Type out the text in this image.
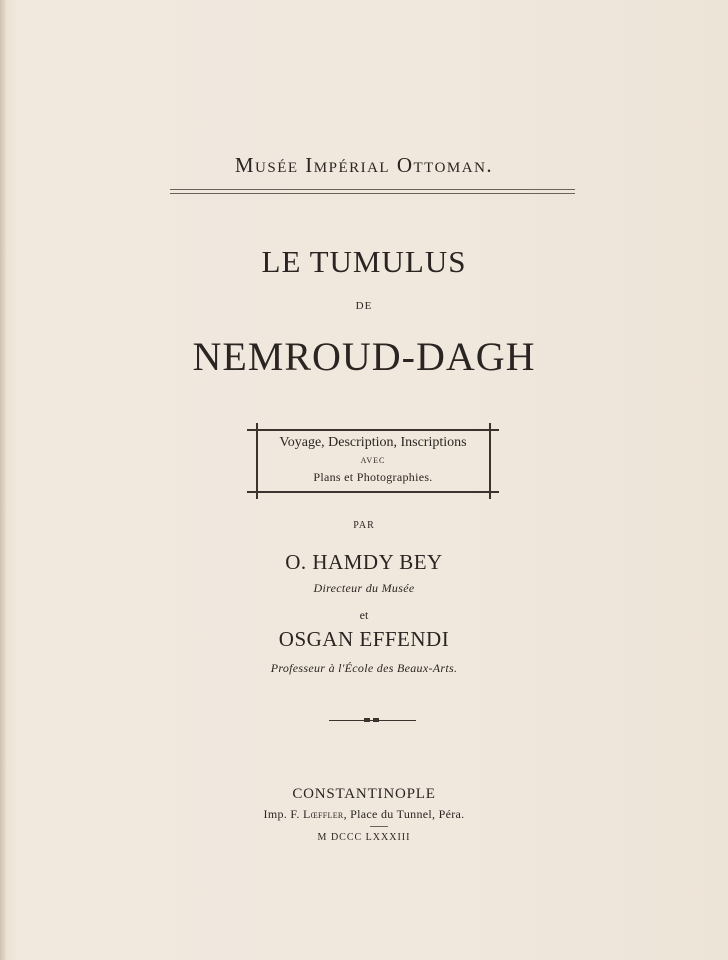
Musée Impérial Ottoman.
LE TUMULUS
DE
NEMROUD-DAGH
Voyage, Description, Inscriptions
AVEC
Plans et Photographies.
PAR
O. HAMDY BEY
Directeur du Musée
et
OSGAN EFFENDI
Professeur à l'École des Beaux-Arts.
CONSTANTINOPLE
Imp. F. Lœffler, Place du Tunnel, Péra.
M DCCC LXXXIII
